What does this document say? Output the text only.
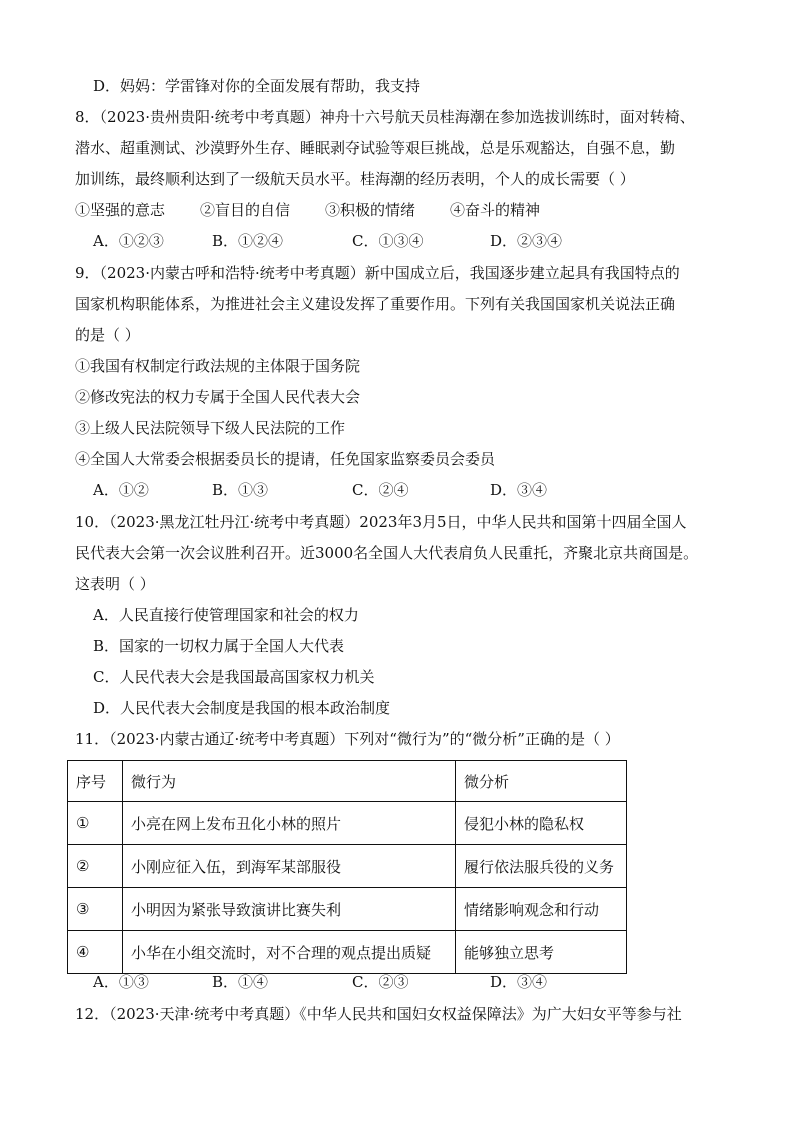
D．妈妈：学雷锋对你的全面发展有帮助，我支持
8．（2023·贵州贵阳·统考中考真题）神舟十六号航天员桂海潮在参加选拔训练时，面对转椅、
潜水、超重测试、沙漠野外生存、睡眠剥夺试验等艰巨挑战，总是乐观豁达，自强不息，勤
加训练，最终顺利达到了一级航天员水平。桂海潮的经历表明，个人的成长需要（ ）
①坚强的意志 ②盲目的自信 ③积极的情绪 ④奋斗的精神
A．①②③	B．①②④	C．①③④	D．②③④
9．（2023·内蒙古呼和浩特·统考中考真题）新中国成立后，我国逐步建立起具有我国特点的
国家机构职能体系，为推进社会主义建设发挥了重要作用。下列有关我国国家机关说法正确
的是（ ）
①我国有权制定行政法规的主体限于国务院
②修改宪法的权力专属于全国人民代表大会
③上级人民法院领导下级人民法院的工作
④全国人大常委会根据委员长的提请，任免国家监察委员会委员
A．①②	B．①③	C．②④	D．③④
10．（2023·黑龙江牡丹江·统考中考真题）2023年3月5日，中华人民共和国第十四届全国人
民代表大会第一次会议胜利召开。近3000名全国人大代表肩负人民重托，齐聚北京共商国是。
这表明（ ）
A．人民直接行使管理国家和社会的权力
B．国家的一切权力属于全国人大代表
C．人民代表大会是我国最高国家权力机关
D．人民代表大会制度是我国的根本政治制度
11．（2023·内蒙古通辽·统考中考真题）下列对“微行为”的“微分析”正确的是（ ）
序号	微行为	微分析
①	小亮在网上发布丑化小林的照片	侵犯小林的隐私权
②	小刚应征入伍，到海军某部服役	履行依法服兵役的义务
③	小明因为紧张导致演讲比赛失利	情绪影响观念和行动
④	小华在小组交流时，对不合理的观点提出质疑	能够独立思考
A．①③	B．①④	C．②③	D．③④
12．（2023·天津·统考中考真题）《中华人民共和国妇女权益保障法》为广大妇女平等参与社
